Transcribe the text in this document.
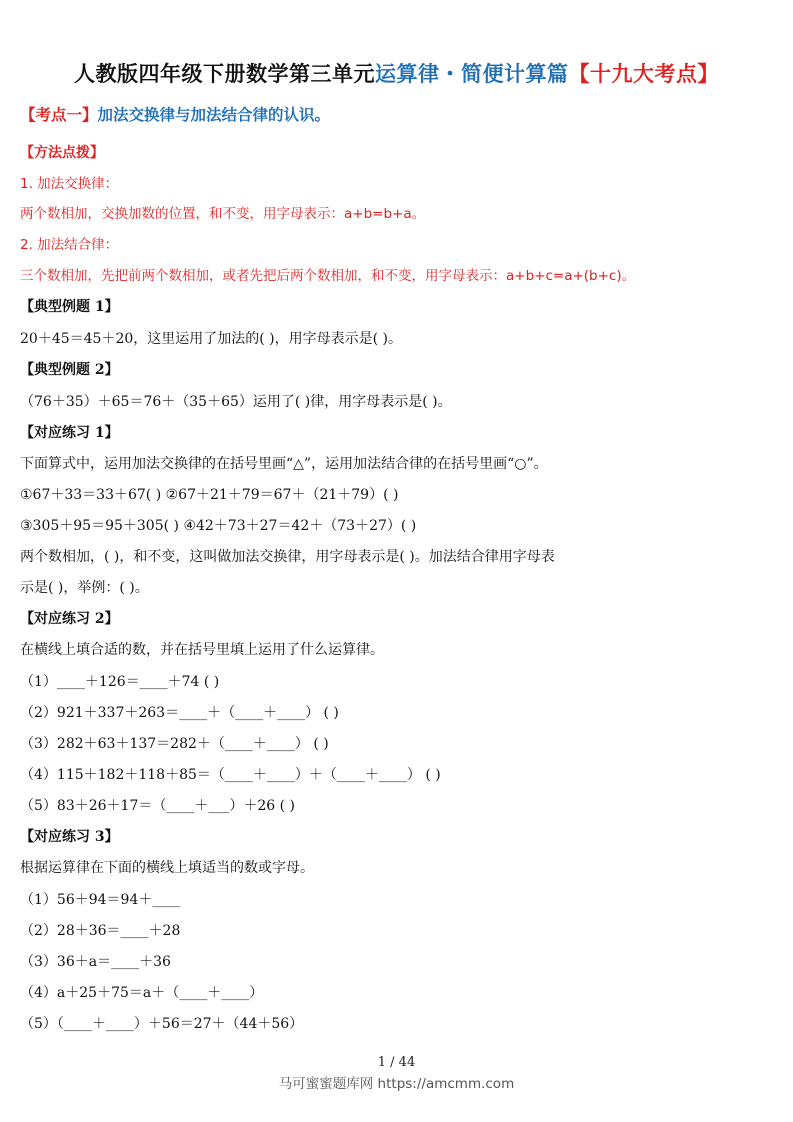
人教版四年级下册数学第三单元运算律・简便计算篇【十九大考点】
【考点一】加法交换律与加法结合律的认识。
【方法点拨】
1. 加法交换律：
两个数相加，交换加数的位置，和不变，用字母表示：a+b=b+a。
2. 加法结合律：
三个数相加，先把前两个数相加，或者先把后两个数相加，和不变，用字母表示：a+b+c=a+(b+c)。
【典型例题 1】
20＋45＝45＋20，这里运用了加法的( )，用字母表示是( )。
【典型例题 2】
（76＋35）＋65＝76＋（35＋65）运用了( )律，用字母表示是( )。
【对应练习 1】
下面算式中，运用加法交换律的在括号里画“△”，运用加法结合律的在括号里画“○”。
①67＋33＝33＋67( ) ②67＋21＋79＝67＋（21＋79）( )
③305＋95＝95＋305( ) ④42＋73＋27＝42＋（73＋27）( )
两个数相加，( )，和不变，这叫做加法交换律，用字母表示是( )。加法结合律用字母表
示是( )，举例：( )。
【对应练习 2】
在横线上填合适的数，并在括号里填上运用了什么运算律。
（1）____＋126＝____＋74 ( )
（2）921＋337＋263＝____＋（____＋____） ( )
（3）282＋63＋137＝282＋（____＋____） ( )
（4）115＋182＋118＋85＝（____＋____）＋（____＋____） ( )
（5）83＋26＋17＝（____＋___）＋26 ( )
【对应练习 3】
根据运算律在下面的横线上填适当的数或字母。
（1）56＋94＝94＋____
（2）28＋36＝____＋28
（3）36＋a＝____＋36
（4）a＋25＋75＝a＋（____＋____）
（5）（____＋____）＋56＝27＋（44＋56）
1 / 44
马可蜜蜜题库网 https://amcmm.com
